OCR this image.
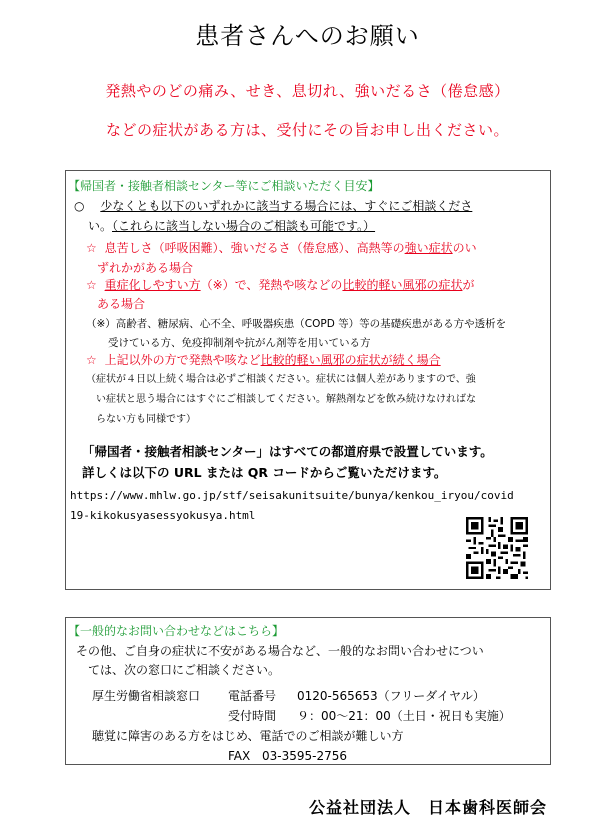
患者さんへのお願い
発熱やのどの痛み、せき、息切れ、強いだるさ（倦怠感）
などの症状がある方は、受付にその旨お申し出ください。
【帰国者・接触者相談センター等にご相談いただく目安】
○ 少なくとも以下のいずれかに該当する場合には、すぐにご相談くださ
い。（これらに該当しない場合のご相談も可能です。）
☆ 息苦しさ（呼吸困難）、強いだるさ（倦怠感）、高熱等の強い症状のい
ずれかがある場合
☆ 重症化しやすい方（※）で、発熱や咳などの比較的軽い風邪の症状が
ある場合
（※）高齢者、糖尿病、心不全、呼吸器疾患（COPD 等）等の基礎疾患がある方や透析を
受けている方、免疫抑制剤や抗がん剤等を用いている方
☆ 上記以外の方で発熱や咳など比較的軽い風邪の症状が続く場合
（症状が４日以上続く場合は必ずご相談ください。症状には個人差がありますので、強
い症状と思う場合にはすぐにご相談してください。解熱剤などを飲み続けなければな
らない方も同様です）
「帰国者・接触者相談センター」はすべての都道府県で設置しています。
詳しくは以下の URL または QR コードからご覧いただけます。
https://www.mhlw.go.jp/stf/seisakunitsuite/bunya/kenkou_iryou/covid
19-kikokusyasessyokusya.html
【一般的なお問い合わせなどはこちら】
その他、ご自身の症状に不安がある場合など、一般的なお問い合わせについ
ては、次の窓口にご相談ください。
厚生労働省相談窓口 電話番号 0120-565653（フリーダイヤル）
受付時間 ９：00～21：00（土日・祝日も実施）
聴覚に障害のある方をはじめ、電話でのご相談が難しい方
FAX 03-3595-2756
公益社団法人　日本歯科医師会
